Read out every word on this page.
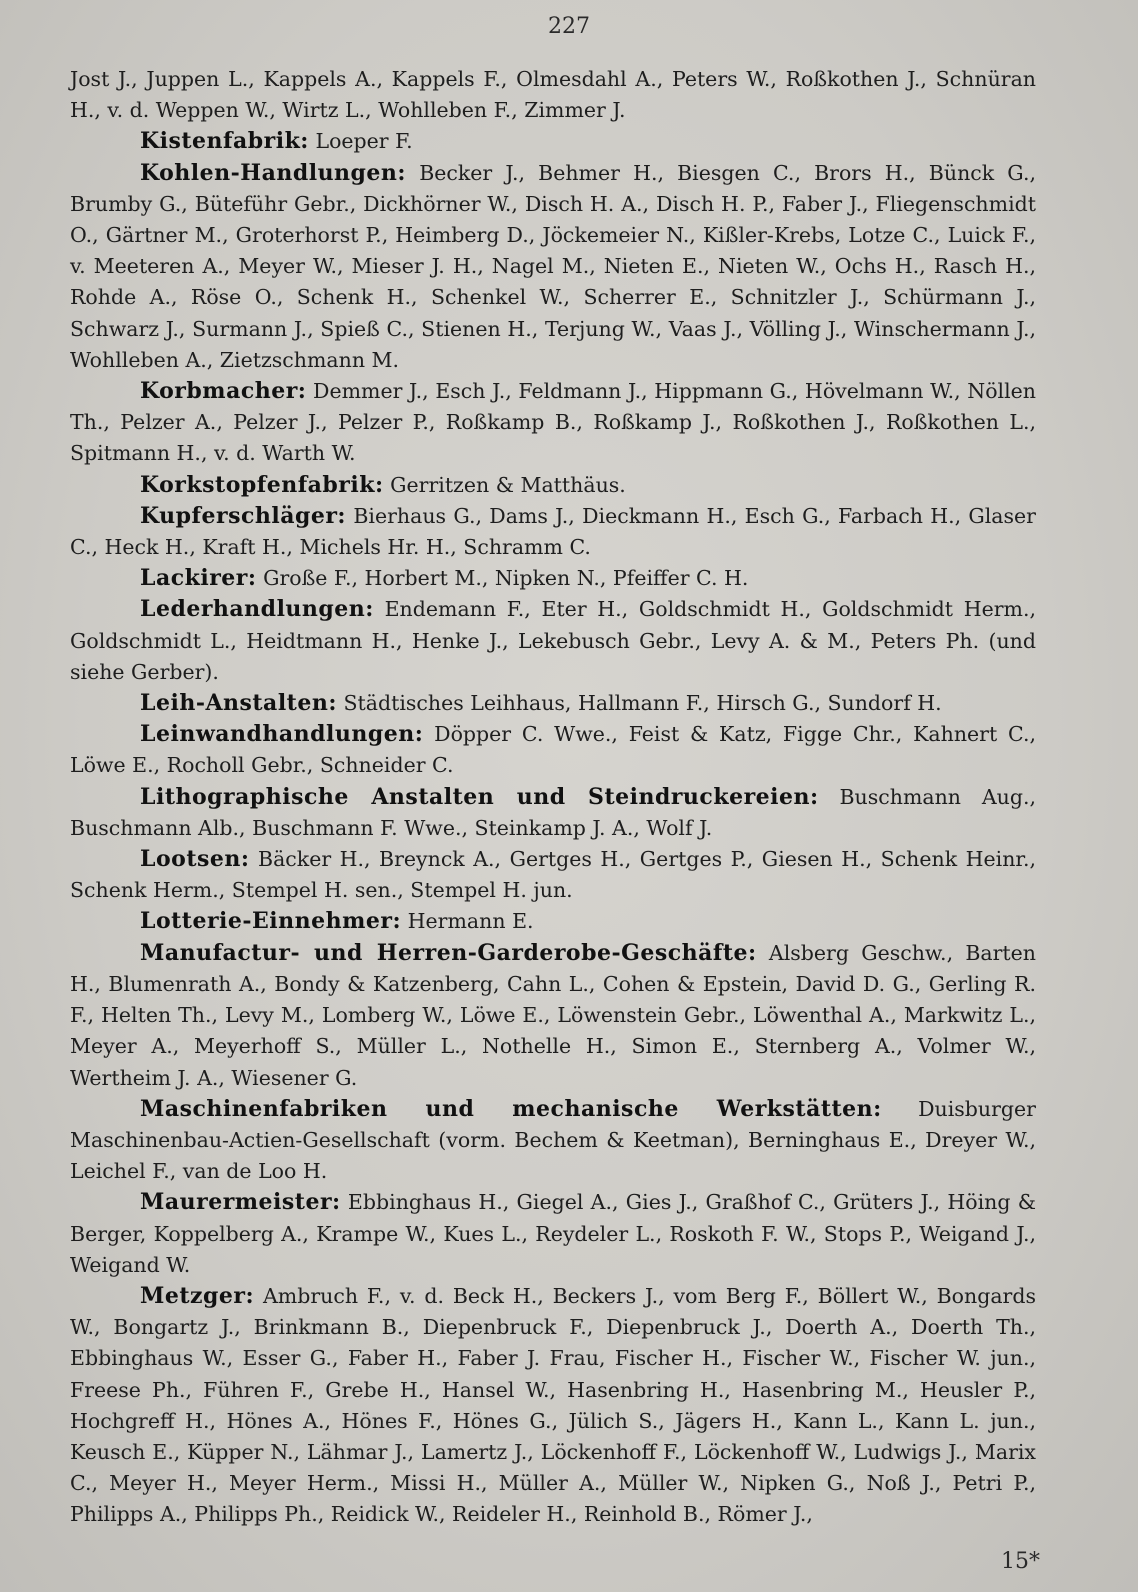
227

Jost J., Juppen L., Kappels A., Kappels F., Olmesdahl A., Peters W., Roßkothen J., Schnüran H., v. d. Weppen W., Wirtz L., Wohlleben F., Zimmer J.

Kistenfabrik: Loeper F.

Kohlen-Handlungen: Becker J., Behmer H., Biesgen C., Brors H., Bünck G., Brumby G., Büteführ Gebr., Dickhörner W., Disch H. A., Disch H. P., Faber J., Fliegenschmidt O., Gärtner M., Groterhorst P., Heimberg D., Jöckemeier N., Kißler-Krebs, Lotze C., Luick F., v. Meeteren A., Meyer W., Mieser J. H., Nagel M., Nieten E., Nieten W., Ochs H., Rasch H., Rohde A., Röse O., Schenk H., Schenkel W., Scherrer E., Schnitzler J., Schürmann J., Schwarz J., Surmann J., Spieß C., Stienen H., Terjung W., Vaas J., Völling J., Winschermann J., Wohlleben A., Zietzschmann M.

Korbmacher: Demmer J., Esch J., Feldmann J., Hippmann G., Hövelmann W., Nöllen Th., Pelzer A., Pelzer J., Pelzer P., Roßkamp B., Roßkamp J., Roßkothen J., Roßkothen L., Spitmann H., v. d. Warth W.

Korkstopfenfabrik: Gerritzen & Matthäus.

Kupferschläger: Bierhaus G., Dams J., Dieckmann H., Esch G., Farbach H., Glaser C., Heck H., Kraft H., Michels Hr. H., Schramm C.

Lackirer: Große F., Horbert M., Nipken N., Pfeiffer C. H.

Lederhandlungen: Endemann F., Eter H., Goldschmidt H., Goldschmidt Herm., Goldschmidt L., Heidtmann H., Henke J., Lekebusch Gebr., Levy A. & M., Peters Ph. (und siehe Gerber).

Leih-Anstalten: Städtisches Leihhaus, Hallmann F., Hirsch G., Sundorf H.

Leinwandhandlungen: Döpper C. Wwe., Feist & Katz, Figge Chr., Kahnert C., Löwe E., Rocholl Gebr., Schneider C.

Lithographische Anstalten und Steindruckereien: Buschmann Aug., Buschmann Alb., Buschmann F. Wwe., Steinkamp J. A., Wolf J.

Lootsen: Bäcker H., Breynck A., Gertges H., Gertges P., Giesen H., Schenk Heinr., Schenk Herm., Stempel H. sen., Stempel H. jun.

Lotterie-Einnehmer: Hermann E.

Manufactur- und Herren-Garderobe-Geschäfte: Alsberg Geschw., Barten H., Blumenrath A., Bondy & Katzenberg, Cahn L., Cohen & Epstein, David D. G., Gerling R. F., Helten Th., Levy M., Lomberg W., Löwe E., Löwenstein Gebr., Löwenthal A., Markwitz L., Meyer A., Meyerhoff S., Müller L., Nothelle H., Simon E., Sternberg A., Volmer W., Wertheim J. A., Wiesener G.

Maschinenfabriken und mechanische Werkstätten: Duisburger Maschinenbau-Actien-Gesellschaft (vorm. Bechem & Keetman), Berninghaus E., Dreyer W., Leichel F., van de Loo H.

Maurermeister: Ebbinghaus H., Giegel A., Gies J., Graßhof C., Grüters J., Höing & Berger, Koppelberg A., Krampe W., Kues L., Reydeler L., Roskoth F. W., Stops P., Weigand J., Weigand W.

Metzger: Ambruch F., v. d. Beck H., Beckers J., vom Berg F., Böllert W., Bongards W., Bongartz J., Brinkmann B., Diepenbruck F., Diepenbruck J., Doerth A., Doerth Th., Ebbinghaus W., Esser G., Faber H., Faber J. Frau, Fischer H., Fischer W., Fischer W. jun., Freese Ph., Führen F., Grebe H., Hansel W., Hasenbring H., Hasenbring M., Heusler P., Hochgreff H., Hönes A., Hönes F., Hönes G., Jülich S., Jägers H., Kann L., Kann L. jun., Keusch E., Küpper N., Lähmar J., Lamertz J., Löckenhoff F., Löckenhoff W., Ludwigs J., Marix C., Meyer H., Meyer Herm., Missi H., Müller A., Müller W., Nipken G., Noß J., Petri P., Philipps A., Philipps Ph., Reidick W., Reideler H., Reinhold B., Römer J.,

15*
